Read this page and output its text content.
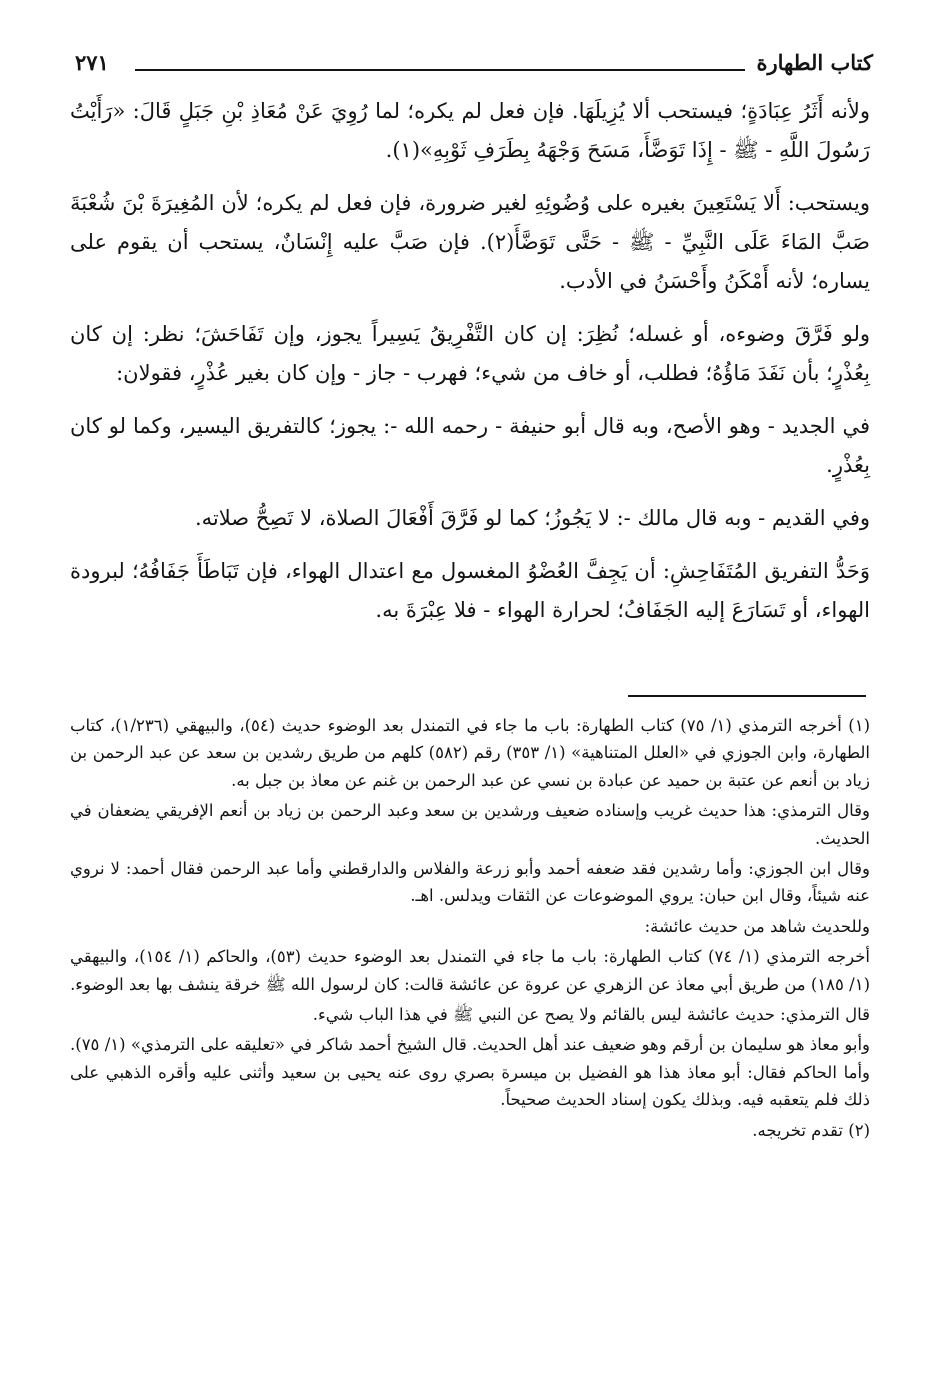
كتاب الطهارة
٢٧١

ولأنه أَثَرُ عِبَادَةٍ؛ فيستحب ألا يُزِيلَهَا. فإن فعل لم يكره؛ لما رُوِيَ عَنْ مُعَاذِ بْنِ جَبَلٍ قَالَ: «رَأَيْتُ رَسُولَ اللَّهِ - ﷺ - إِذَا تَوَضَّأَ، مَسَحَ وَجْهَهُ بِطَرَفِ ثَوْبِهِ»(١).

ويستحب: أَلا يَسْتَعِينَ بغيره على وُضُوئِهِ لغير ضرورة، فإن فعل لم يكره؛ لأن المُغِيرَةَ بْنَ شُعْبَةَ صَبَّ المَاءَ عَلَى النَّبِيِّ - ﷺ - حَتَّى تَوَضَّأَ(٢). فإن صَبَّ عليه إِنْسَانٌ، يستحب أن يقوم على يساره؛ لأنه أَمْكَنُ وأَحْسَنُ في الأدب.

ولو فَرَّقَ وضوءه، أو غسله؛ نُظِرَ: إن كان التَّفْرِيقُ يَسِيراً يجوز، وإن تَفَاحَشَ؛ نظر: إن كان بِعُذْرٍ؛ بأن نَفَدَ مَاؤُهُ؛ فطلب، أو خاف من شيء؛ فهرب - جاز - وإن كان بغير عُذْرٍ، فقولان:

في الجديد - وهو الأصح، وبه قال أبو حنيفة - رحمه الله -: يجوز؛ كالتفريق اليسير، وكما لو كان بِعُذْرٍ.

وفي القديم - وبه قال مالك -: لا يَجُوزُ؛ كما لو فَرَّقَ أَفْعَالَ الصلاة، لا تَصِحُّ صلاته.

وَحَدُّ التفريق المُتَفَاحِشِ: أن يَجِفَّ العُضْوُ المغسول مع اعتدال الهواء، فإن تَبَاطَأَ جَفَافُهُ؛ لبرودة الهواء، أو تَسَارَعَ إليه الجَفَافُ؛ لحرارة الهواء - فلا عِبْرَةَ به.

(١) أخرجه الترمذي (١/ ٧٥) كتاب الطهارة: باب ما جاء في التمندل بعد الوضوء حديث (٥٤)، والبيهقي (١/٢٣٦)، كتاب الطهارة، وابن الجوزي في «العلل المتناهية» (١/ ٣٥٣) رقم (٥٨٢) كلهم من طريق رشدين بن سعد عن عبد الرحمن بن زياد بن أنعم عن عتبة بن حميد عن عبادة بن نسي عن عبد الرحمن بن غنم عن معاذ بن جبل به.

وقال الترمذي: هذا حديث غريب وإسناده ضعيف ورشدين بن سعد وعبد الرحمن بن زياد بن أنعم الإفريقي يضعفان في الحديث.

وقال ابن الجوزي: وأما رشدين فقد ضعفه أحمد وأبو زرعة والفلاس والدارقطني وأما عبد الرحمن فقال أحمد: لا نروي عنه شيئاً، وقال ابن حبان: يروي الموضوعات عن الثقات ويدلس. اهـ.

وللحديث شاهد من حديث عائشة:

أخرجه الترمذي (١/ ٧٤) كتاب الطهارة: باب ما جاء في التمندل بعد الوضوء حديث (٥٣)، والحاكم (١/ ١٥٤)، والبيهقي (١/ ١٨٥) من طريق أبي معاذ عن الزهري عن عروة عن عائشة قالت: كان لرسول الله ﷺ خرقة ينشف بها بعد الوضوء.

قال الترمذي: حديث عائشة ليس بالقائم ولا يصح عن النبي ﷺ في هذا الباب شيء.

وأبو معاذ هو سليمان بن أرقم وهو ضعيف عند أهل الحديث. قال الشيخ أحمد شاكر في «تعليقه على الترمذي» (١/ ٧٥). وأما الحاكم فقال: أبو معاذ هذا هو الفضيل بن ميسرة بصري روى عنه يحيى بن سعيد وأثنى عليه وأقره الذهبي على ذلك فلم يتعقبه فيه. وبذلك يكون إسناد الحديث صحيحاً.

(٢) تقدم تخريجه.
